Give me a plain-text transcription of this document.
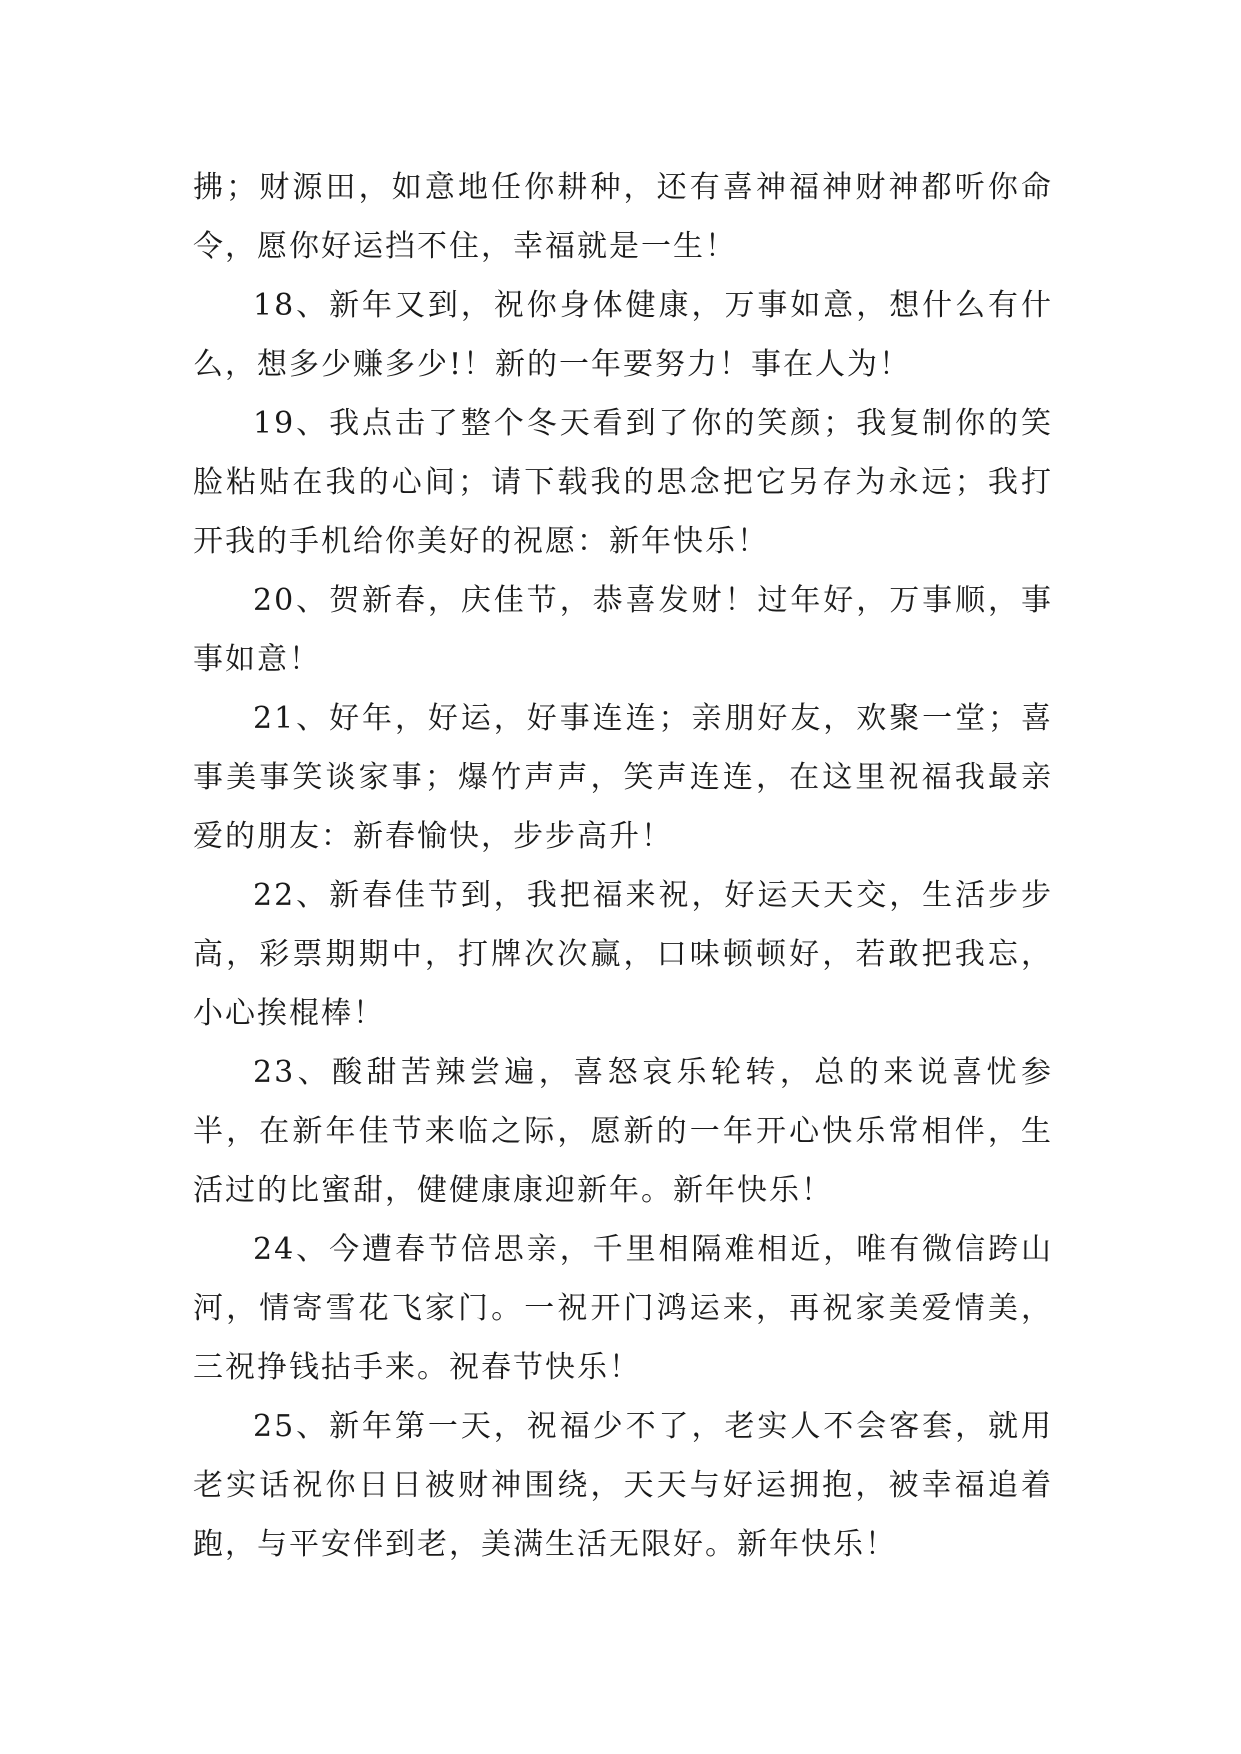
拂；财源田，如意地任你耕种，还有喜神福神财神都听你命令，愿你好运挡不住，幸福就是一生！

18、新年又到，祝你身体健康，万事如意，想什么有什么，想多少赚多少!！新的一年要努力！事在人为！

19、我点击了整个冬天看到了你的笑颜；我复制你的笑脸粘贴在我的心间；请下载我的思念把它另存为永远；我打开我的手机给你美好的祝愿：新年快乐！

20、贺新春，庆佳节，恭喜发财！过年好，万事顺，事事如意！

21、好年，好运，好事连连；亲朋好友，欢聚一堂；喜事美事笑谈家事；爆竹声声，笑声连连，在这里祝福我最亲爱的朋友：新春愉快，步步高升！

22、新春佳节到，我把福来祝，好运天天交，生活步步高，彩票期期中，打牌次次赢，口味顿顿好，若敢把我忘，小心挨棍棒！

23、酸甜苦辣尝遍，喜怒哀乐轮转，总的来说喜忧参半，在新年佳节来临之际，愿新的一年开心快乐常相伴，生活过的比蜜甜，健健康康迎新年。新年快乐！

24、今遭春节倍思亲，千里相隔难相近，唯有微信跨山河，情寄雪花飞家门。一祝开门鸿运来，再祝家美爱情美，三祝挣钱拈手来。祝春节快乐！

25、新年第一天，祝福少不了，老实人不会客套，就用老实话祝你日日被财神围绕，天天与好运拥抱，被幸福追着跑，与平安伴到老，美满生活无限好。新年快乐！
